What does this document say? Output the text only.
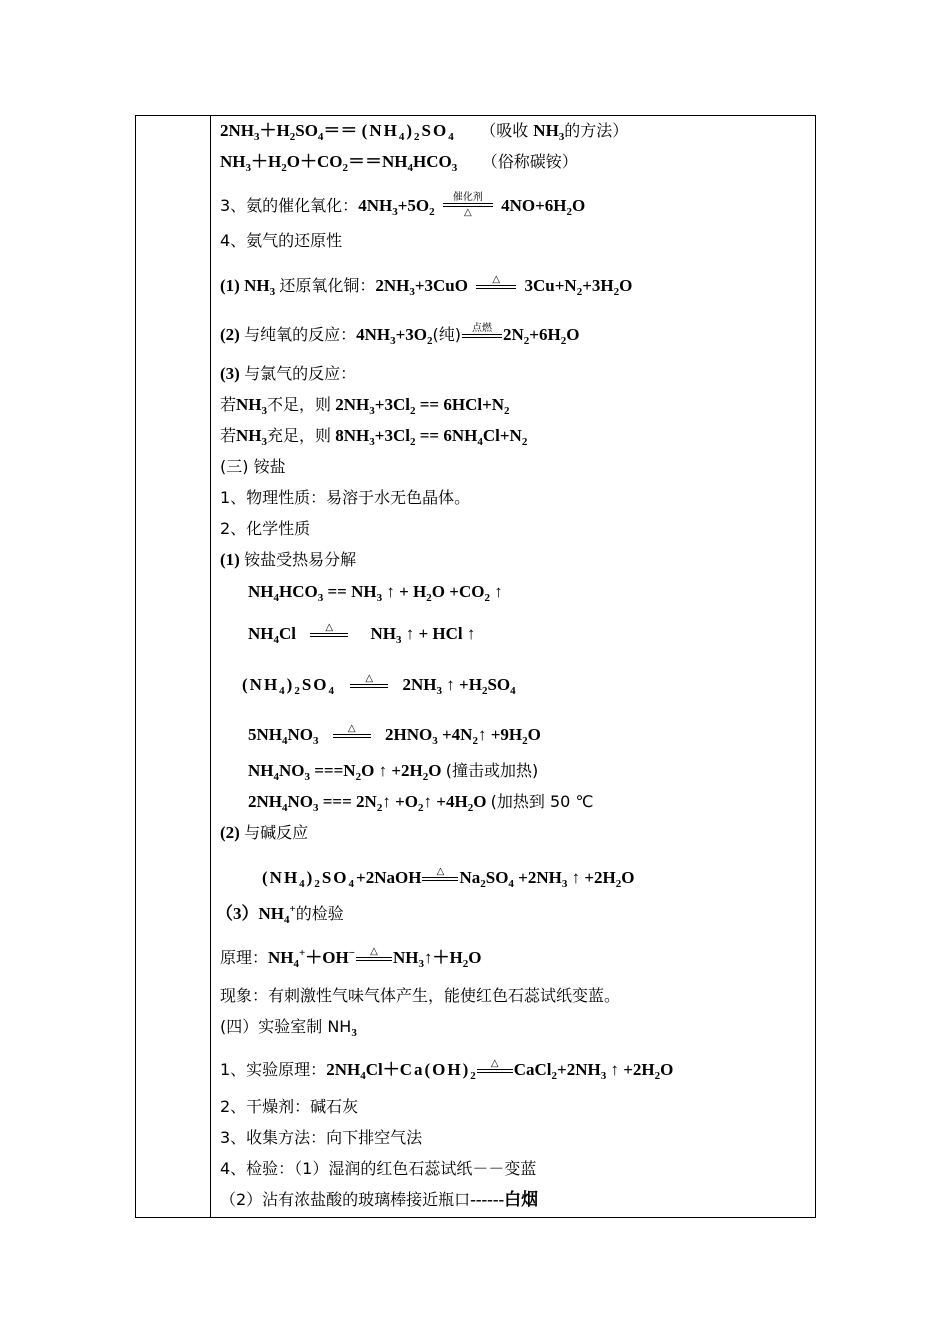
$2NH_3+H_2SO_4== (NH_4)_2SO_4$ （吸收 $NH_3$的方法）
$NH_3+H_2O+CO_2==NH_4HCO_3$ （俗称碳铵）
3、氨的催化氧化：$4NH_3+5O_2$
催化剂
△	$4NO+6H_2O$
4、氨气的还原性
(1) $NH_3$ 还原氧化铜：$2NH_3+3CuO$	△	$3Cu+N_2+3H_2O$
(2) 与纯氧的反应：$4NH_3+3O_2$(纯)	点燃 $2N_2+6H_2O$
(3) 与氯气的反应：
若$NH_3$不足，则 $2NH_3+3Cl_2 == 6HCl+N_2$
若$NH_3$充足，则 $8NH_3+3Cl_2 == 6NH_4Cl+N_2$
(三) 铵盐
1、物理性质：易溶于水无色晶体。
2、化学性质
(1) 铵盐受热易分解
$NH_4HCO_3 == NH_3$ ↑ + $H_2O +CO_2$ ↑
$NH_4Cl$	△	$NH_3$ ↑ + HCl ↑
$(NH_4)_2SO_4$
△	$2NH_3$ ↑ $+H_2SO_4$
$5NH_4NO_3$
△	$2HNO_3$ $+4N_2↑ +9H_2O$
$NH_4NO_3 ===N_2O$ ↑ $+2H_2O$ (撞击或加热)
$2NH_4NO_3$ === $2N_2↑$ $+O_2↑ +4H_2O$ (加热到 50 ℃
(2) 与碱反应
$(NH_4)_2SO_4+2NaOH$	△ $Na_2SO_4 +2NH_3$ ↑ $+2H_2O$
$(3)NH_4^+$的检验
原理：$NH_4^++OH^-$	△ $NH_3↑+H_2O$
现象：有刺激性气味气体产生，能使红色石蕊试纸变蓝。
(四）实验室制 $NH_3$
1、实验原理：$2NH_4Cl+Ca(OH)_2$
△ $CaCl_2+2NH_3$ ↑ $+2H_2O$
2、干燥剂：碱石灰
3、收集方法：向下排空气法
4、检验：（1）湿润的红色石蕊试纸－－变蓝
（2）沾有浓盐酸的玻璃棒接近瓶口------白烟
